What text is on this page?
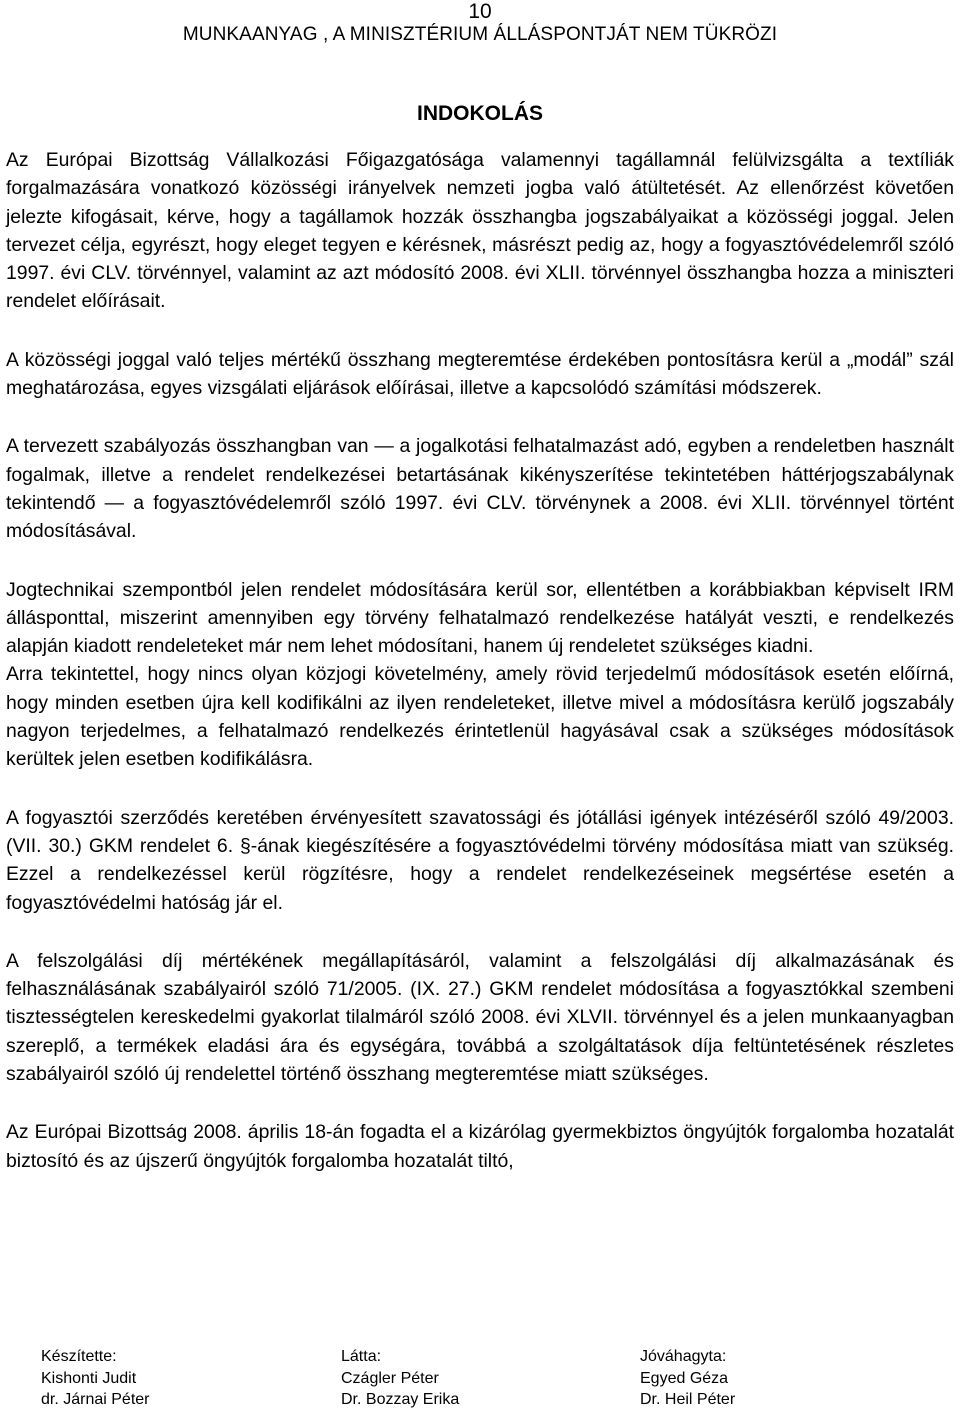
10
MUNKAANYAG , A MINISZTÉRIUM ÁLLÁSPONTJÁT NEM TÜKRÖZI
INDOKOLÁS

Az Európai Bizottság Vállalkozási Főigazgatósága valamennyi tagállamnál felülvizsgálta a textíliák forgalmazására vonatkozó közösségi irányelvek nemzeti jogba való átültetését. Az ellenőrzést követően jelezte kifogásait, kérve, hogy a tagállamok hozzák összhangba jogszabályaikat a közösségi joggal. Jelen tervezet célja, egyrészt, hogy eleget tegyen e kérésnek, másrészt pedig az, hogy a fogyasztóvédelemről szóló 1997. évi CLV. törvénnyel, valamint az azt módosító 2008. évi XLII. törvénnyel összhangba hozza a miniszteri rendelet előírásait.

A közösségi joggal való teljes mértékű összhang megteremtése érdekében pontosításra kerül a „modál” szál meghatározása, egyes vizsgálati eljárások előírásai, illetve a kapcsolódó számítási módszerek.

A tervezett szabályozás összhangban van — a jogalkotási felhatalmazást adó, egyben a rendeletben használt fogalmak, illetve a rendelet rendelkezései betartásának kikényszerítése tekintetében háttérjogszabálynak tekintendő — a fogyasztóvédelemről szóló 1997. évi CLV. törvénynek a 2008. évi XLII. törvénnyel történt módosításával.

Jogtechnikai szempontból jelen rendelet módosítására kerül sor, ellentétben a korábbiakban képviselt IRM állásponttal, miszerint amennyiben egy törvény felhatalmazó rendelkezése hatályát veszti, e rendelkezés alapján kiadott rendeleteket már nem lehet módosítani, hanem új rendeletet szükséges kiadni.

Arra tekintettel, hogy nincs olyan közjogi követelmény, amely rövid terjedelmű módosítások esetén előírná, hogy minden esetben újra kell kodifikálni az ilyen rendeleteket, illetve mivel a módosításra kerülő jogszabály nagyon terjedelmes, a felhatalmazó rendelkezés érintetlenül hagyásával csak a szükséges módosítások kerültek jelen esetben kodifikálásra.

A fogyasztói szerződés keretében érvényesített szavatossági és jótállási igények intézéséről szóló 49/2003. (VII. 30.) GKM rendelet 6. §-ának kiegészítésére a fogyasztóvédelmi törvény módosítása miatt van szükség. Ezzel a rendelkezéssel kerül rögzítésre, hogy a rendelet rendelkezéseinek megsértése esetén a fogyasztóvédelmi hatóság jár el.

A felszolgálási díj mértékének megállapításáról, valamint a felszolgálási díj alkalmazásának és felhasználásának szabályairól szóló 71/2005. (IX. 27.) GKM rendelet módosítása a fogyasztókkal szembeni tisztességtelen kereskedelmi gyakorlat tilalmáról szóló 2008. évi XLVII. törvénnyel és a jelen munkaanyagban szereplő, a termékek eladási ára és egységára, továbbá a szolgáltatások díja feltüntetésének részletes szabályairól szóló új rendelettel történő összhang megteremtése miatt szükséges.

Az Európai Bizottság 2008. április 18-án fogadta el a kizárólag gyermekbiztos öngyújtók forgalomba hozatalát biztosító és az újszerű öngyújtók forgalomba hozatalát tiltó,

Készítette:
Kishonti Judit
dr. Járnai Péter
Látta:
Czágler Péter
Dr. Bozzay Erika
Jóváhagyta:
Egyed Géza
Dr. Heil Péter
